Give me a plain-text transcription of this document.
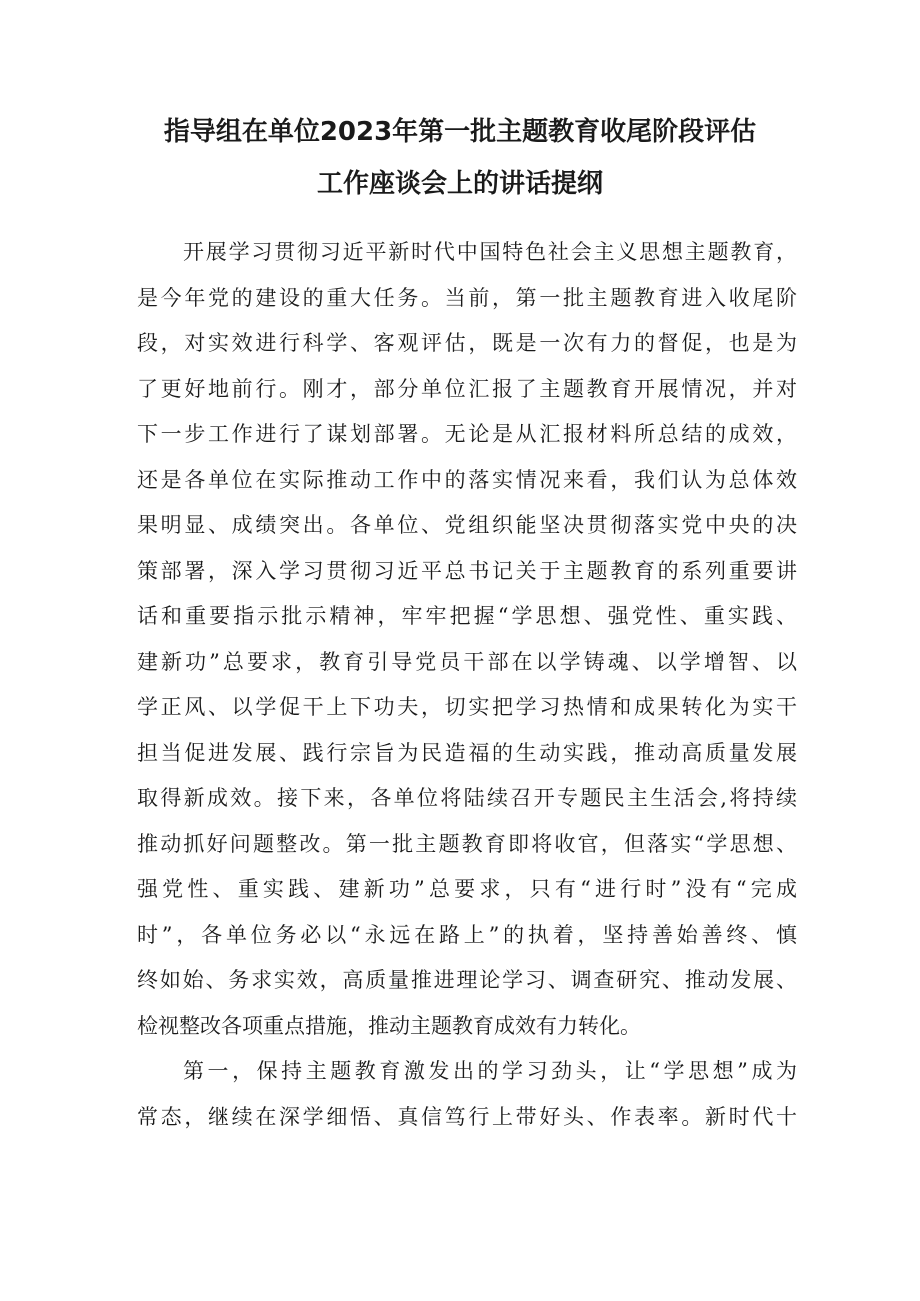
指导组在单位2023年第一批主题教育收尾阶段评估
工作座谈会上的讲话提纲
开展学习贯彻习近平新时代中国特色社会主义思想主题教育，
是今年党的建设的重大任务。当前，第一批主题教育进入收尾阶
段，对实效进行科学、客观评估，既是一次有力的督促，也是为
了更好地前行。刚才，部分单位汇报了主题教育开展情况，并对
下一步工作进行了谋划部署。无论是从汇报材料所总结的成效，
还是各单位在实际推动工作中的落实情况来看，我们认为总体效
果明显、成绩突出。各单位、党组织能坚决贯彻落实党中央的决
策部署，深入学习贯彻习近平总书记关于主题教育的系列重要讲
话和重要指示批示精神，牢牢把握“学思想、强党性、重实践、
建新功”总要求，教育引导党员干部在以学铸魂、以学增智、以
学正风、以学促干上下功夫，切实把学习热情和成果转化为实干
担当促进发展、践行宗旨为民造福的生动实践，推动高质量发展
取得新成效。接下来，各单位将陆续召开专题民主生活会,将持续
推动抓好问题整改。第一批主题教育即将收官，但落实“学思想、
强党性、重实践、建新功”总要求，只有“进行时”没有“完成
时”，各单位务必以“永远在路上”的执着，坚持善始善终、慎
终如始、务求实效，高质量推进理论学习、调查研究、推动发展、
检视整改各项重点措施，推动主题教育成效有力转化。
第一，保持主题教育激发出的学习劲头，让“学思想”成为
常态，继续在深学细悟、真信笃行上带好头、作表率。新时代十
